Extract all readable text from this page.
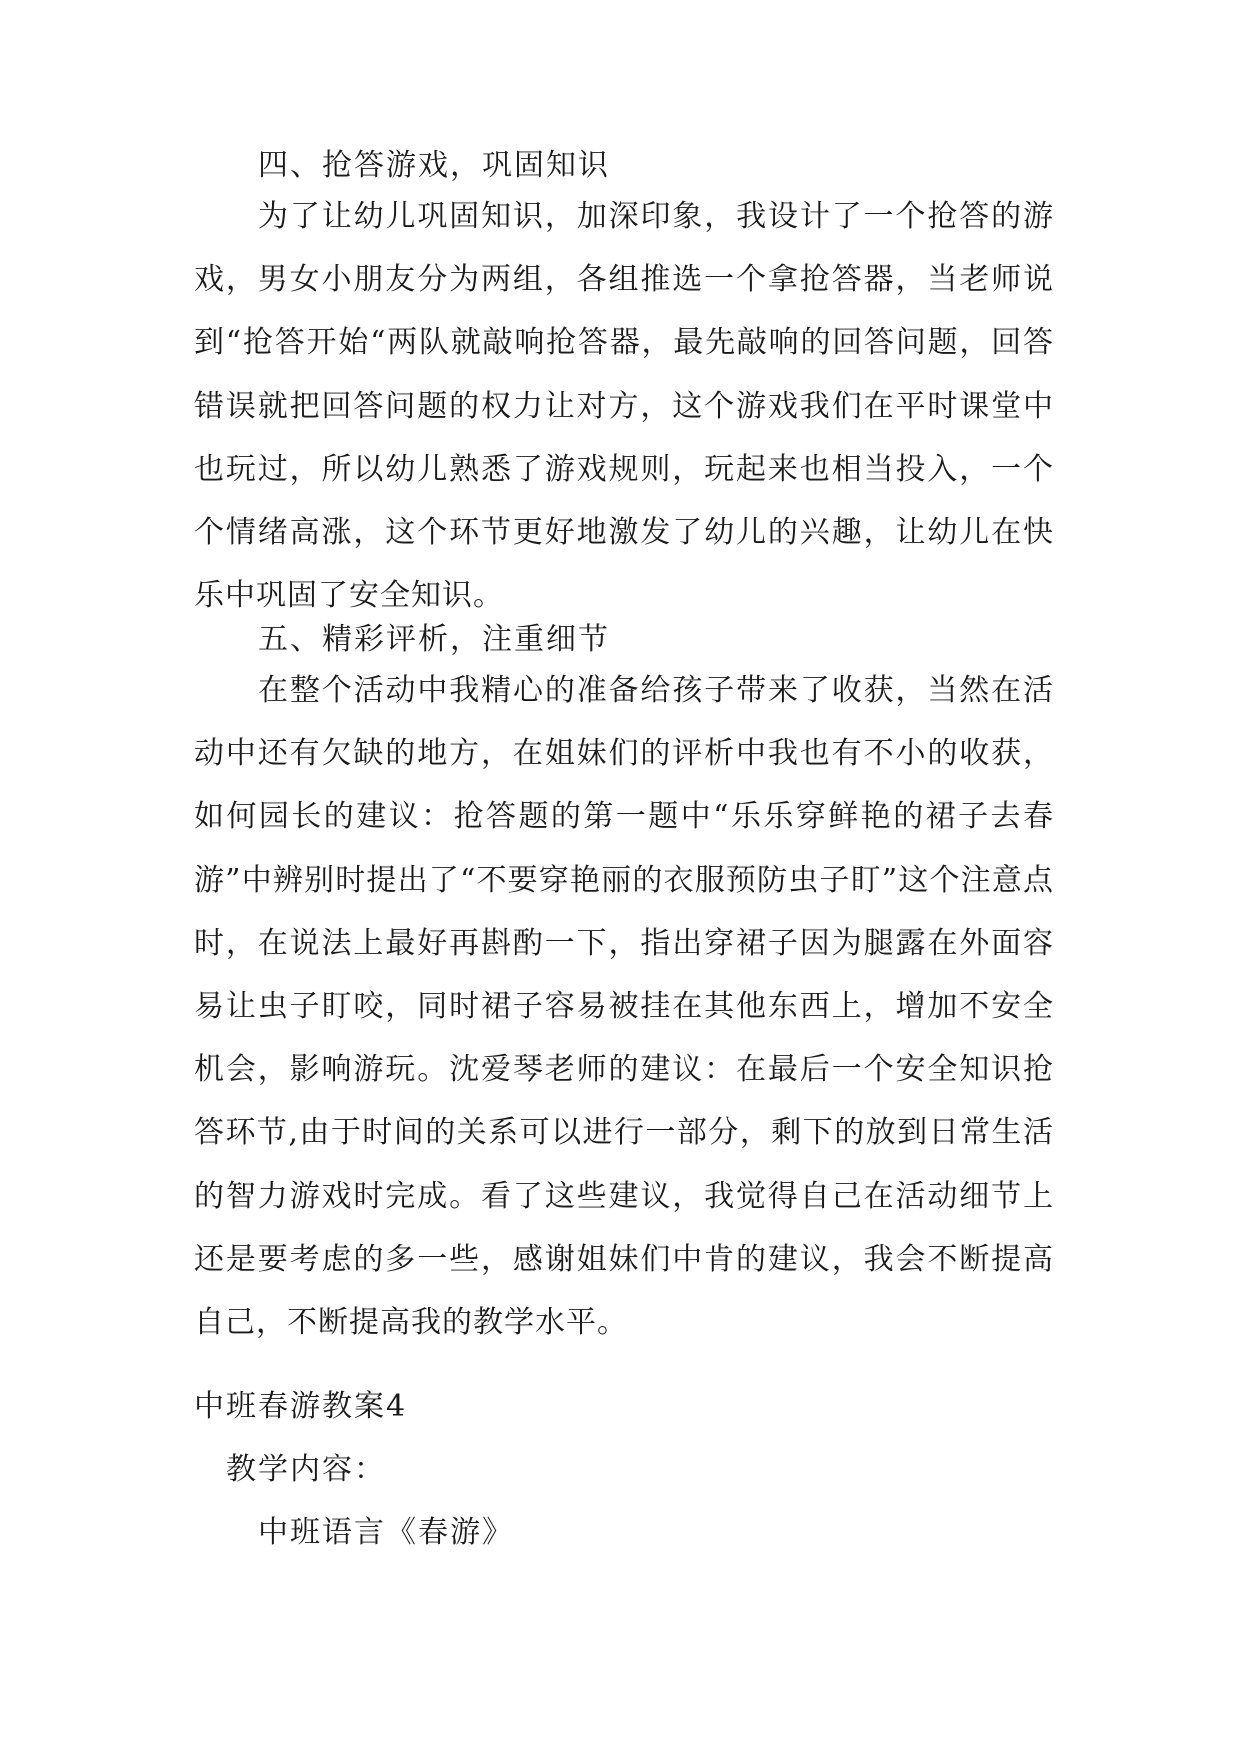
四、抢答游戏，巩固知识
为了让幼儿巩固知识，加深印象，我设计了一个抢答的游戏，男女小朋友分为两组，各组推选一个拿抢答器，当老师说到“抢答开始“两队就敲响抢答器，最先敲响的回答问题，回答错误就把回答问题的权力让对方，这个游戏我们在平时课堂中也玩过，所以幼儿熟悉了游戏规则，玩起来也相当投入，一个个情绪高涨，这个环节更好地激发了幼儿的兴趣，让幼儿在快乐中巩固了安全知识。
五、精彩评析，注重细节
在整个活动中我精心的准备给孩子带来了收获，当然在活动中还有欠缺的地方，在姐妹们的评析中我也有不小的收获，如何园长的建议：抢答题的第一题中“乐乐穿鲜艳的裙子去春游”中辨别时提出了“不要穿艳丽的衣服预防虫子盯”这个注意点时，在说法上最好再斟酌一下，指出穿裙子因为腿露在外面容易让虫子盯咬，同时裙子容易被挂在其他东西上，增加不安全机会，影响游玩。沈爱琴老师的建议：在最后一个安全知识抢答环节,由于时间的关系可以进行一部分，剩下的放到日常生活的智力游戏时完成。看了这些建议，我觉得自己在活动细节上还是要考虑的多一些，感谢姐妹们中肯的建议，我会不断提高自己，不断提高我的教学水平。
中班春游教案4
教学内容：
中班语言《春游》
